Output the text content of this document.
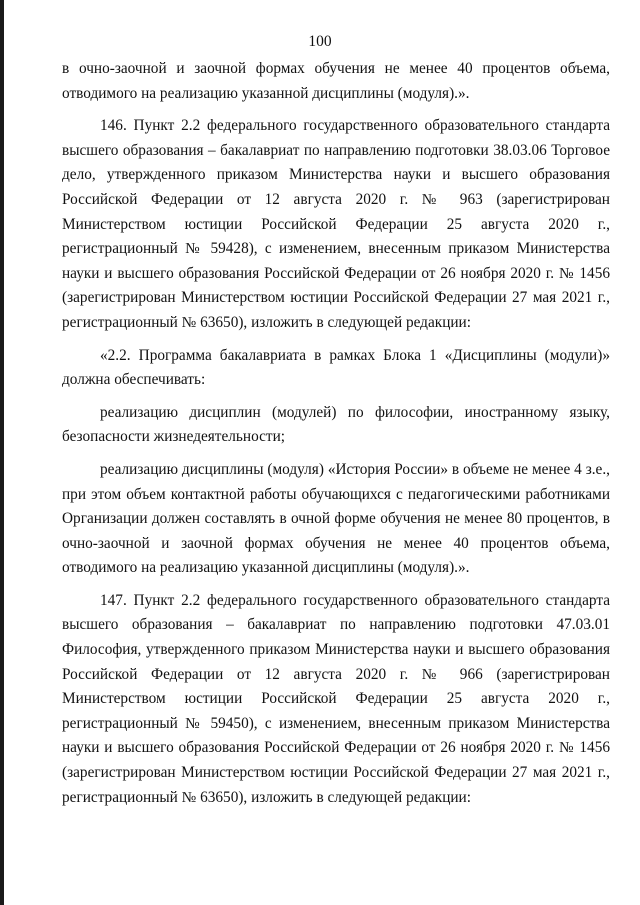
100

в очно-заочной и заочной формах обучения не менее 40 процентов объема, отводимого на реализацию указанной дисциплины (модуля).».

146. Пункт 2.2 федерального государственного образовательного стандарта высшего образования – бакалавриат по направлению подготовки 38.03.06 Торговое дело, утвержденного приказом Министерства науки и высшего образования Российской Федерации от 12 августа 2020 г. № 963 (зарегистрирован Министерством юстиции Российской Федерации 25 августа 2020 г., регистрационный № 59428), с изменением, внесенным приказом Министерства науки и высшего образования Российской Федерации от 26 ноября 2020 г. № 1456 (зарегистрирован Министерством юстиции Российской Федерации 27 мая 2021 г., регистрационный № 63650), изложить в следующей редакции:

«2.2. Программа бакалавриата в рамках Блока 1 «Дисциплины (модули)» должна обеспечивать:

реализацию дисциплин (модулей) по философии, иностранному языку, безопасности жизнедеятельности;

реализацию дисциплины (модуля) «История России» в объеме не менее 4 з.е., при этом объем контактной работы обучающихся с педагогическими работниками Организации должен составлять в очной форме обучения не менее 80 процентов, в очно-заочной и заочной формах обучения не менее 40 процентов объема, отводимого на реализацию указанной дисциплины (модуля).».

147. Пункт 2.2 федерального государственного образовательного стандарта высшего образования – бакалавриат по направлению подготовки 47.03.01 Философия, утвержденного приказом Министерства науки и высшего образования Российской Федерации от 12 августа 2020 г. № 966 (зарегистрирован Министерством юстиции Российской Федерации 25 августа 2020 г., регистрационный № 59450), с изменением, внесенным приказом Министерства науки и высшего образования Российской Федерации от 26 ноября 2020 г. № 1456 (зарегистрирован Министерством юстиции Российской Федерации 27 мая 2021 г., регистрационный № 63650), изложить в следующей редакции:
